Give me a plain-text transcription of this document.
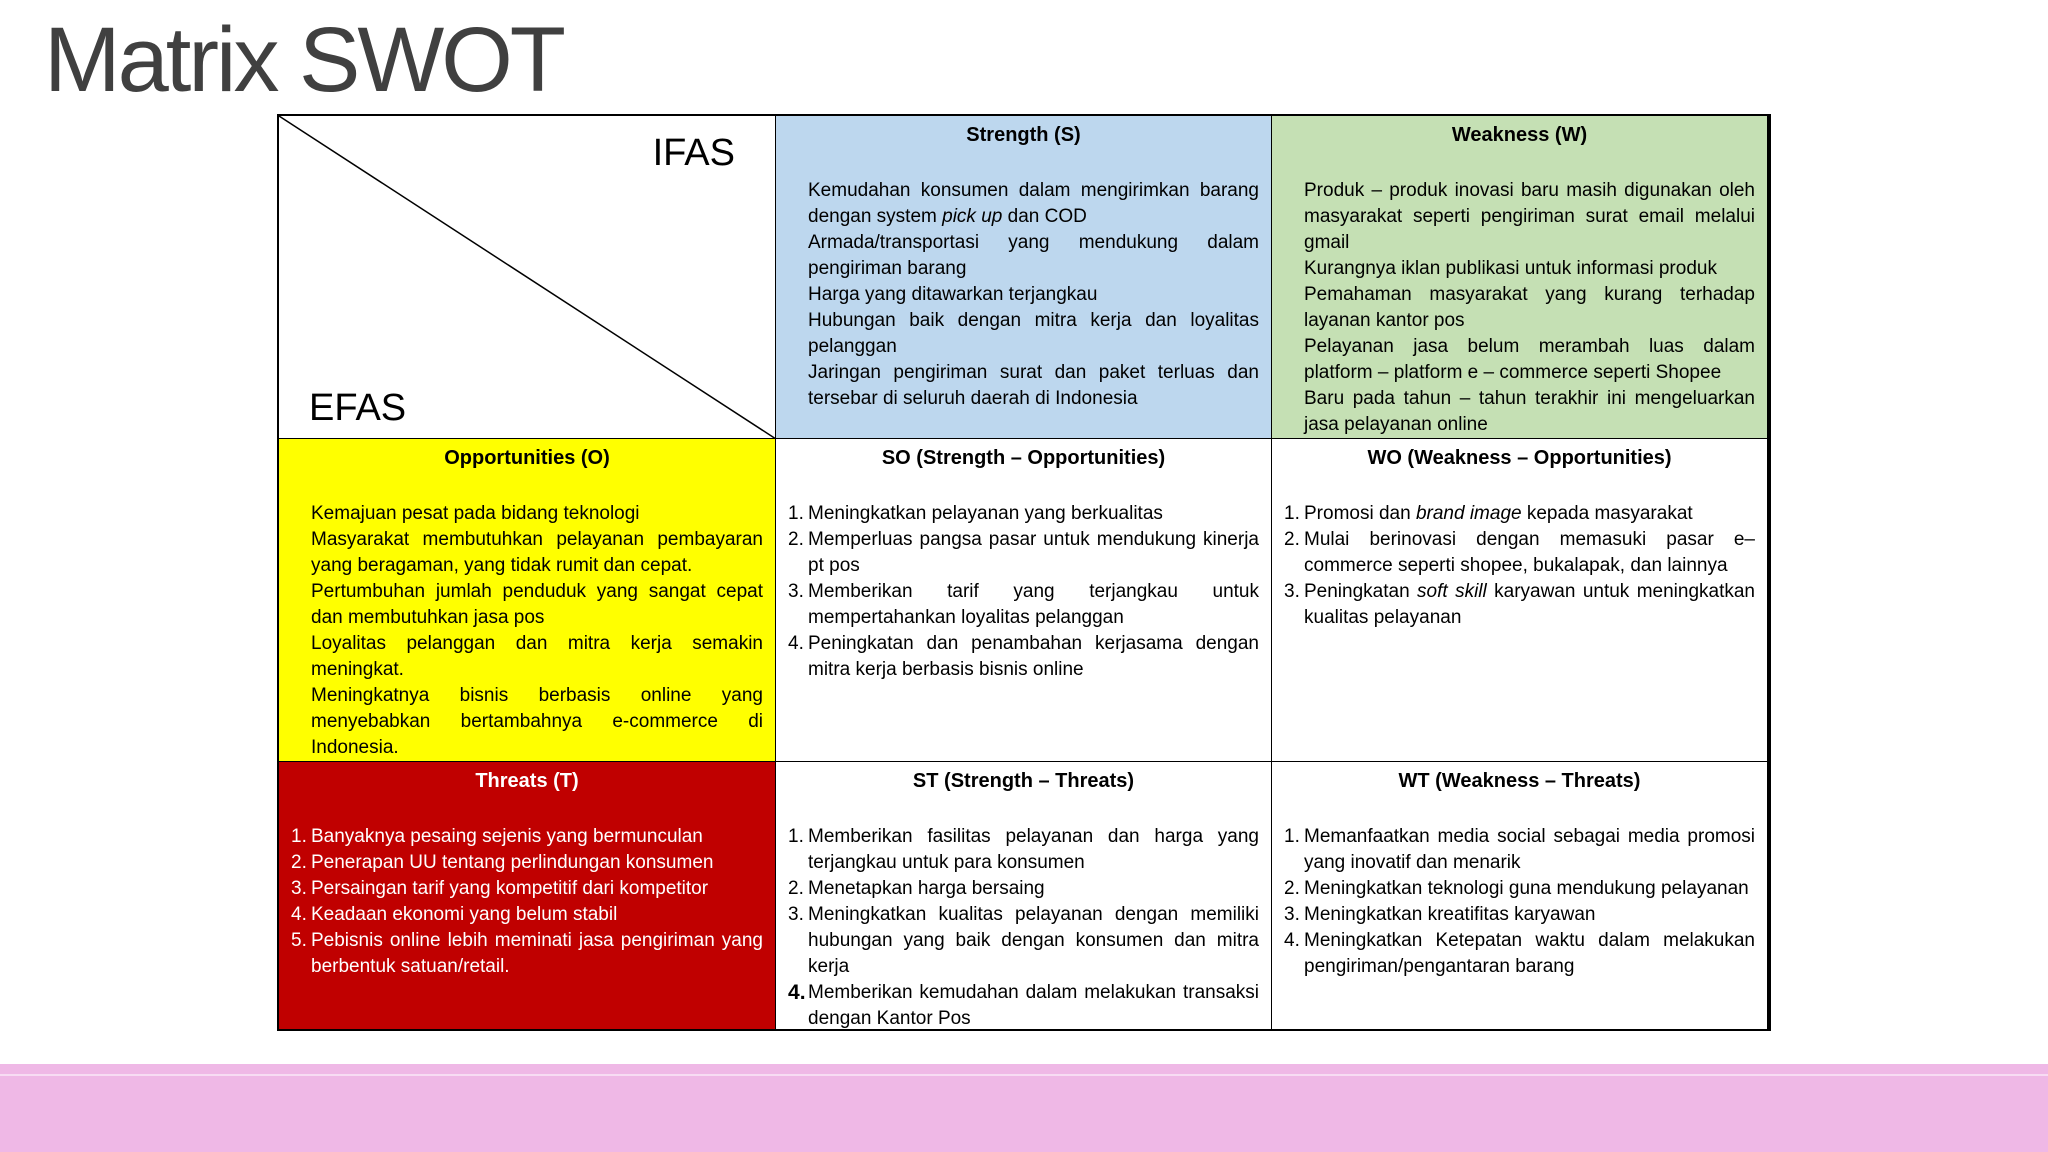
Matrix SWOT
IFAS
EFAS

Strength (S)

Kemudahan konsumen dalam mengirimkan barang dengan system pick up dan COD
Armada/transportasi yang mendukung dalam pengiriman barang
Harga yang ditawarkan terjangkau
Hubungan baik dengan mitra kerja dan loyalitas pelanggan
Jaringan pengiriman surat dan paket terluas dan tersebar di seluruh daerah di Indonesia

Weakness (W)

Produk – produk inovasi baru masih digunakan oleh masyarakat seperti pengiriman surat email melalui gmail
Kurangnya iklan publikasi untuk informasi produk
Pemahaman masyarakat yang kurang terhadap layanan kantor pos
Pelayanan jasa belum merambah luas dalam platform – platform e – commerce seperti Shopee
Baru pada tahun – tahun terakhir ini mengeluarkan jasa pelayanan online

Opportunities (O)

Kemajuan pesat pada bidang teknologi
Masyarakat membutuhkan pelayanan pembayaran yang beragaman, yang tidak rumit dan cepat.
Pertumbuhan jumlah penduduk yang sangat cepat dan membutuhkan jasa pos
Loyalitas pelanggan dan mitra kerja semakin meningkat.
Meningkatnya bisnis berbasis online yang menyebabkan bertambahnya e-commerce di Indonesia.

SO (Strength – Opportunities)

Meningkatkan pelayanan yang berkualitas
Memperluas pangsa pasar untuk mendukung kinerja pt pos
Memberikan tarif yang terjangkau untuk mempertahankan loyalitas pelanggan
Peningkatan dan penambahan kerjasama dengan mitra kerja berbasis bisnis online

WO (Weakness – Opportunities)

Promosi dan brand image kepada masyarakat
Mulai berinovasi dengan memasuki pasar e– commerce seperti shopee, bukalapak, dan lainnya
Peningkatan soft skill karyawan untuk meningkatkan kualitas pelayanan

Threats (T)

Banyaknya pesaing sejenis yang bermunculan
Penerapan UU tentang perlindungan konsumen
Persaingan tarif yang kompetitif dari kompetitor
Keadaan ekonomi yang belum stabil
Pebisnis online lebih meminati jasa pengiriman yang berbentuk satuan/retail.

ST (Strength – Threats)

Memberikan fasilitas pelayanan dan harga yang terjangkau untuk para konsumen
Menetapkan harga bersaing
Meningkatkan kualitas pelayanan dengan memiliki hubungan yang baik dengan konsumen dan mitra kerja
Memberikan kemudahan dalam melakukan transaksi dengan Kantor Pos

WT (Weakness – Threats)

Memanfaatkan media social sebagai media promosi yang inovatif dan menarik
Meningkatkan teknologi guna mendukung pelayanan
Meningkatkan kreatifitas karyawan
Meningkatkan Ketepatan waktu dalam melakukan pengiriman/pengantaran barang
